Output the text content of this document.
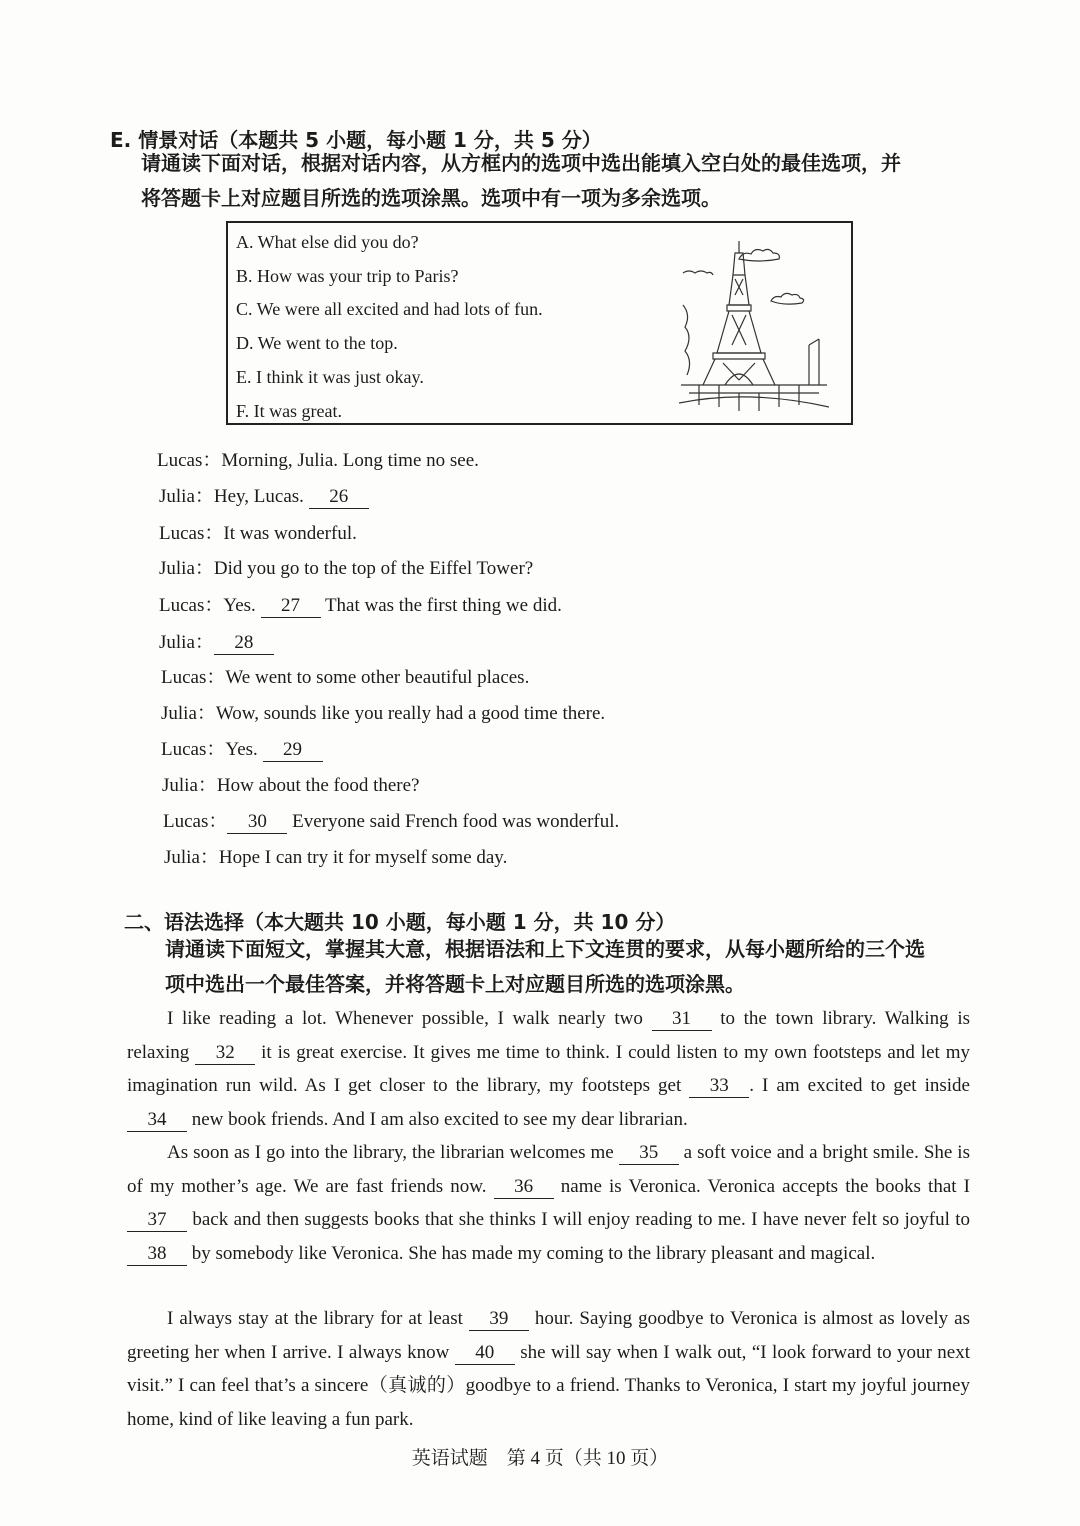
E. 情景对话（本题共 5 小题，每小题 1 分，共 5 分）
请通读下面对话，根据对话内容，从方框内的选项中选出能填入空白处的最佳选项，并
将答题卡上对应题目所选的选项涂黑。选项中有一项为多余选项。
A. What else did you do?
B. How was your trip to Paris?
C. We were all excited and had lots of fun.
D. We went to the top.
E. I think it was just okay.
F. It was great.
Lucas：Morning, Julia. Long time no see.
Julia：Hey, Lucas. 26
Lucas：It was wonderful.
Julia：Did you go to the top of the Eiffel Tower?
Lucas：Yes. 27 That was the first thing we did.
Julia： 28
Lucas：We went to some other beautiful places.
Julia：Wow, sounds like you really had a good time there.
Lucas：Yes. 29
Julia：How about the food there?
Lucas： 30 Everyone said French food was wonderful.
Julia：Hope I can try it for myself some day.
二、语法选择（本大题共 10 小题，每小题 1 分，共 10 分）
请通读下面短文，掌握其大意，根据语法和上下文连贯的要求，从每小题所给的三个选
项中选出一个最佳答案，并将答题卡上对应题目所选的选项涂黑。
I like reading a lot. Whenever possible, I walk nearly two 31 to the town library. Walking is relaxing 32 it is great exercise. It gives me time to think. I could listen to my own footsteps and let my imagination run wild. As I get closer to the library, my footsteps get 33 . I am excited to get inside 34 new book friends. And I am also excited to see my dear librarian.
As soon as I go into the library, the librarian welcomes me 35 a soft voice and a bright smile. She is of my mother’s age. We are fast friends now. 36 name is Veronica. Veronica accepts the books that I 37 back and then suggests books that she thinks I will enjoy reading to me. I have never felt so joyful to 38 by somebody like Veronica. She has made my coming to the library pleasant and magical.
I always stay at the library for at least 39 hour. Saying goodbye to Veronica is almost as lovely as greeting her when I arrive. I always know 40 she will say when I walk out, “I look forward to your next visit.” I can feel that’s a sincere（真诚的）goodbye to a friend. Thanks to Veronica, I start my joyful journey home, kind of like leaving a fun park.
英语试题　第 4 页（共 10 页）
